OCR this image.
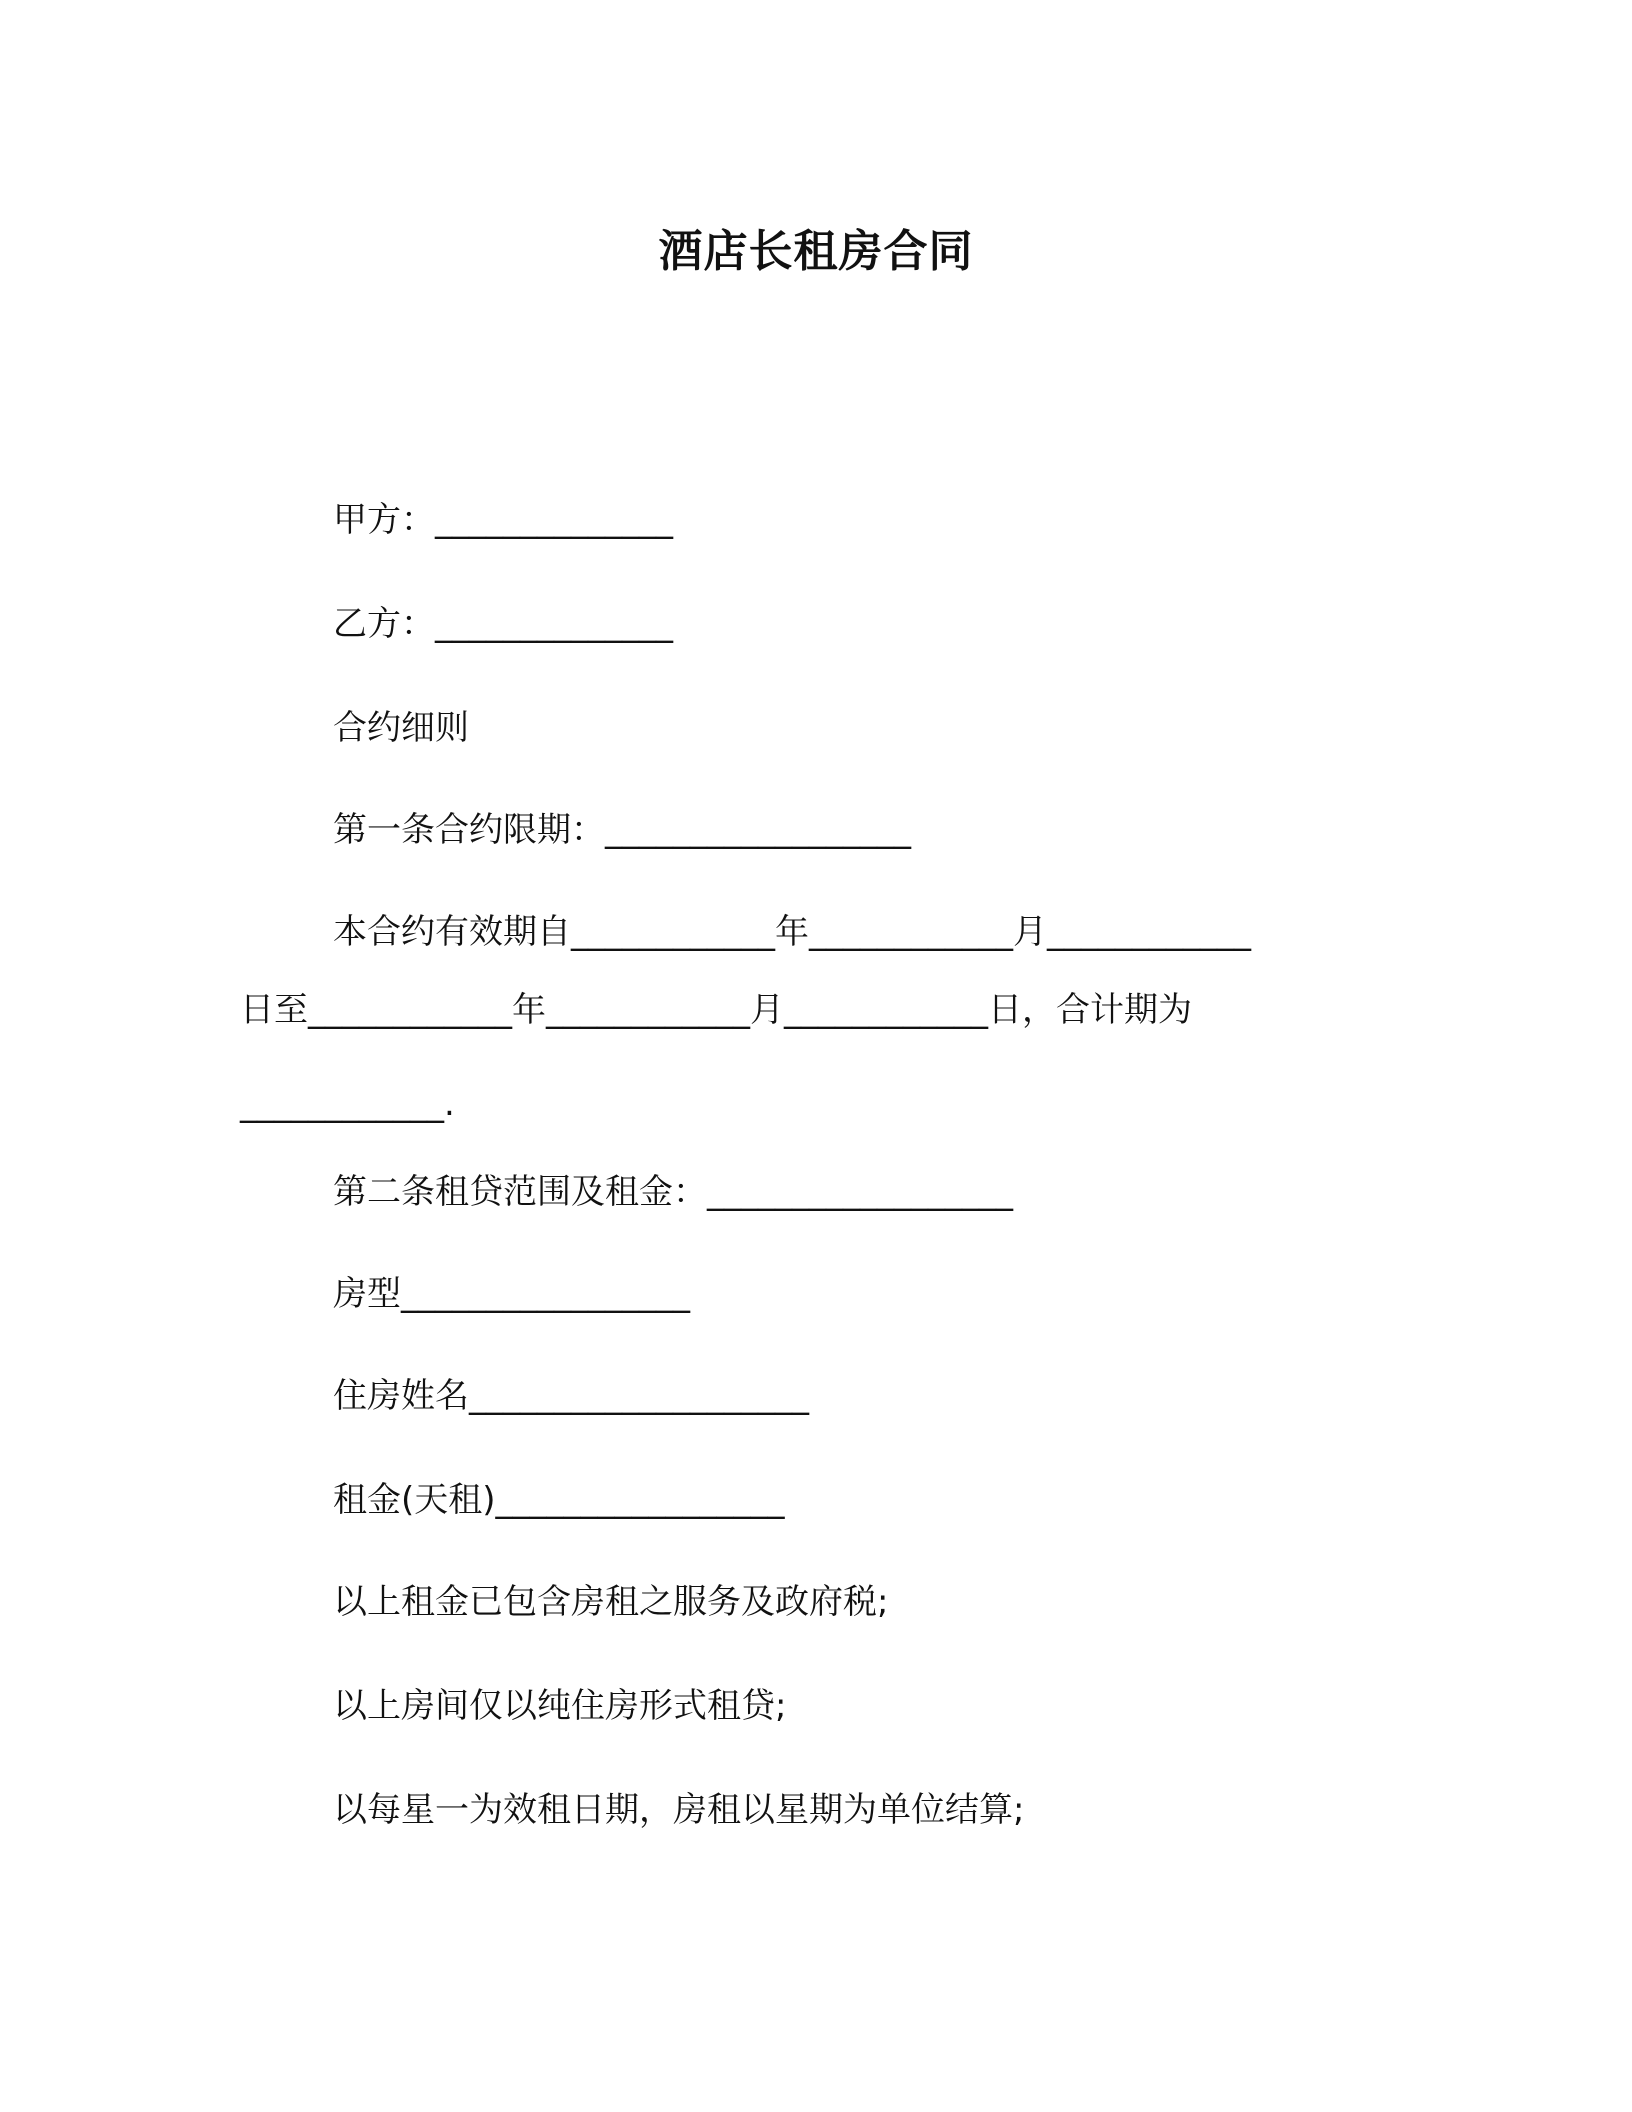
酒店长租房合同
甲方：______________
乙方：______________
合约细则
第一条合约限期：__________________
本合约有效期自____________年____________月____________
日至____________年____________月____________日，合计期为
____________.
第二条租贷范围及租金：__________________
房型_________________
住房姓名____________________
租金(天租)_________________
以上租金已包含房租之服务及政府税;
以上房间仅以纯住房形式租贷;
以每星一为效租日期，房租以星期为单位结算;
